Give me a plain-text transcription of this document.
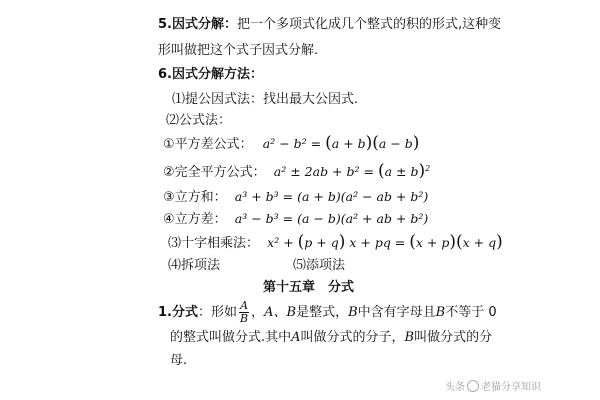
5.因式分解：把一个多项式化成几个整式的积的形式,这种变
形叫做把这个式子因式分解.
6.因式分解方法：
⑴提公因式法：找出最大公因式.
⑵公式法：
①平方差公式： a² − b² = (a + b)(a − b)
②完全平方公式： $a^2 \pm 2ab + b^2 = (a \pm b)^2$
③立方和： a³ + b³ = (a + b)(a² − ab + b²)
④立方差： a³ − b³ = (a − b)(a² + ab + b²)
⑶十字相乘法： x² + (p + q) x + pq = (x + p)(x + q)
⑷拆项法	⑸添项法
第十五章　分式
1.分式：形如 $\frac{A}{B}$ ，A、B是整式，B中含有字母且B不等于 0
的整式叫做分式.其中A叫做分式的分子，B叫做分式的分
母.
头条 老猫分享知识
